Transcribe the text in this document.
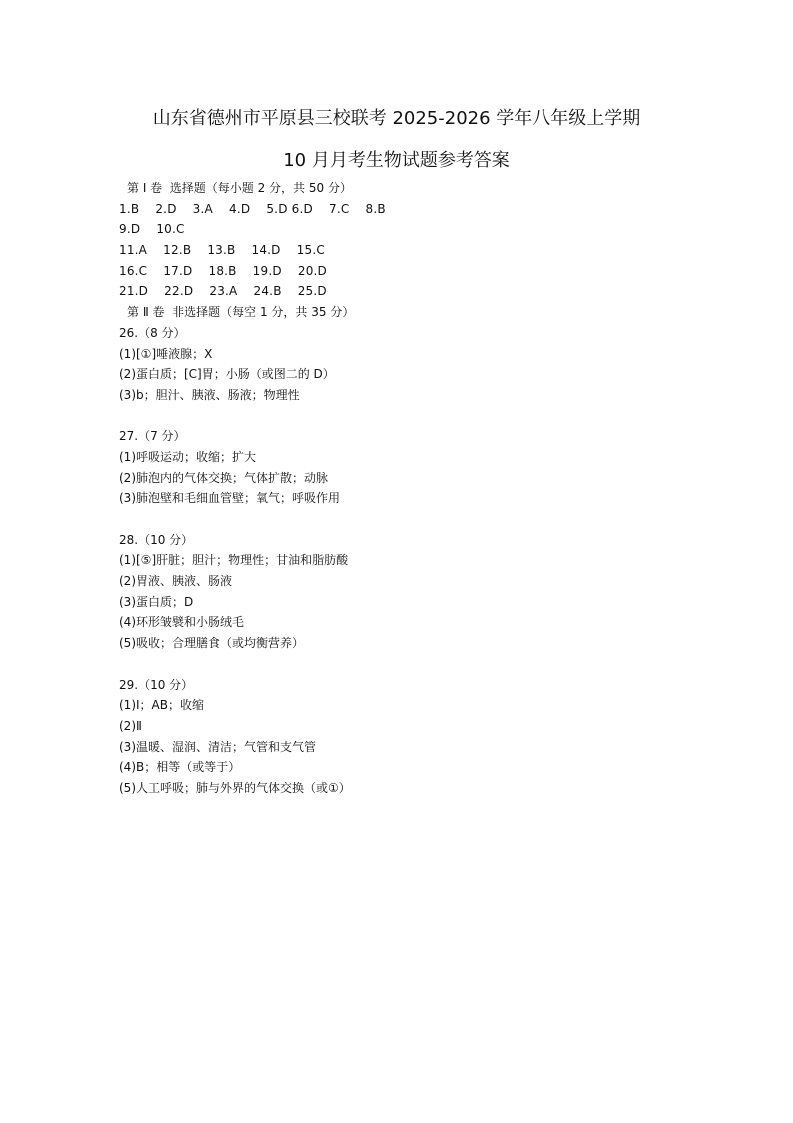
山东省德州市平原县三校联考 2025-2026 学年八年级上学期
10 月月考生物试题参考答案
第 I 卷  选择题（每小题 2 分，共 50 分）
1.B    2.D    3.A    4.D    5.D 6.D    7.C    8.B
9.D    10.C
11.A    12.B    13.B    14.D    15.C
16.C    17.D    18.B    19.D    20.D
21.D    22.D    23.A    24.B    25.D
第 Ⅱ 卷  非选择题（每空 1 分，共 35 分）
26.（8 分）
(1)[①]唾液腺；X
(2)蛋白质；[C]胃；小肠（或图二的 D）
(3)b；胆汁、胰液、肠液；物理性
27.（7 分）
(1)呼吸运动；收缩；扩大
(2)肺泡内的气体交换；气体扩散；动脉
(3)肺泡壁和毛细血管壁；氧气；呼吸作用
28.（10 分）
(1)[⑤]肝脏；胆汁；物理性；甘油和脂肪酸
(2)胃液、胰液、肠液
(3)蛋白质；D
(4)环形皱襞和小肠绒毛
(5)吸收；合理膳食（或均衡营养）
29.（10 分）
(1)Ⅰ；AB；收缩
(2)Ⅱ
(3)温暖、湿润、清洁；气管和支气管
(4)B；相等（或等于）
(5)人工呼吸；肺与外界的气体交换（或①）
